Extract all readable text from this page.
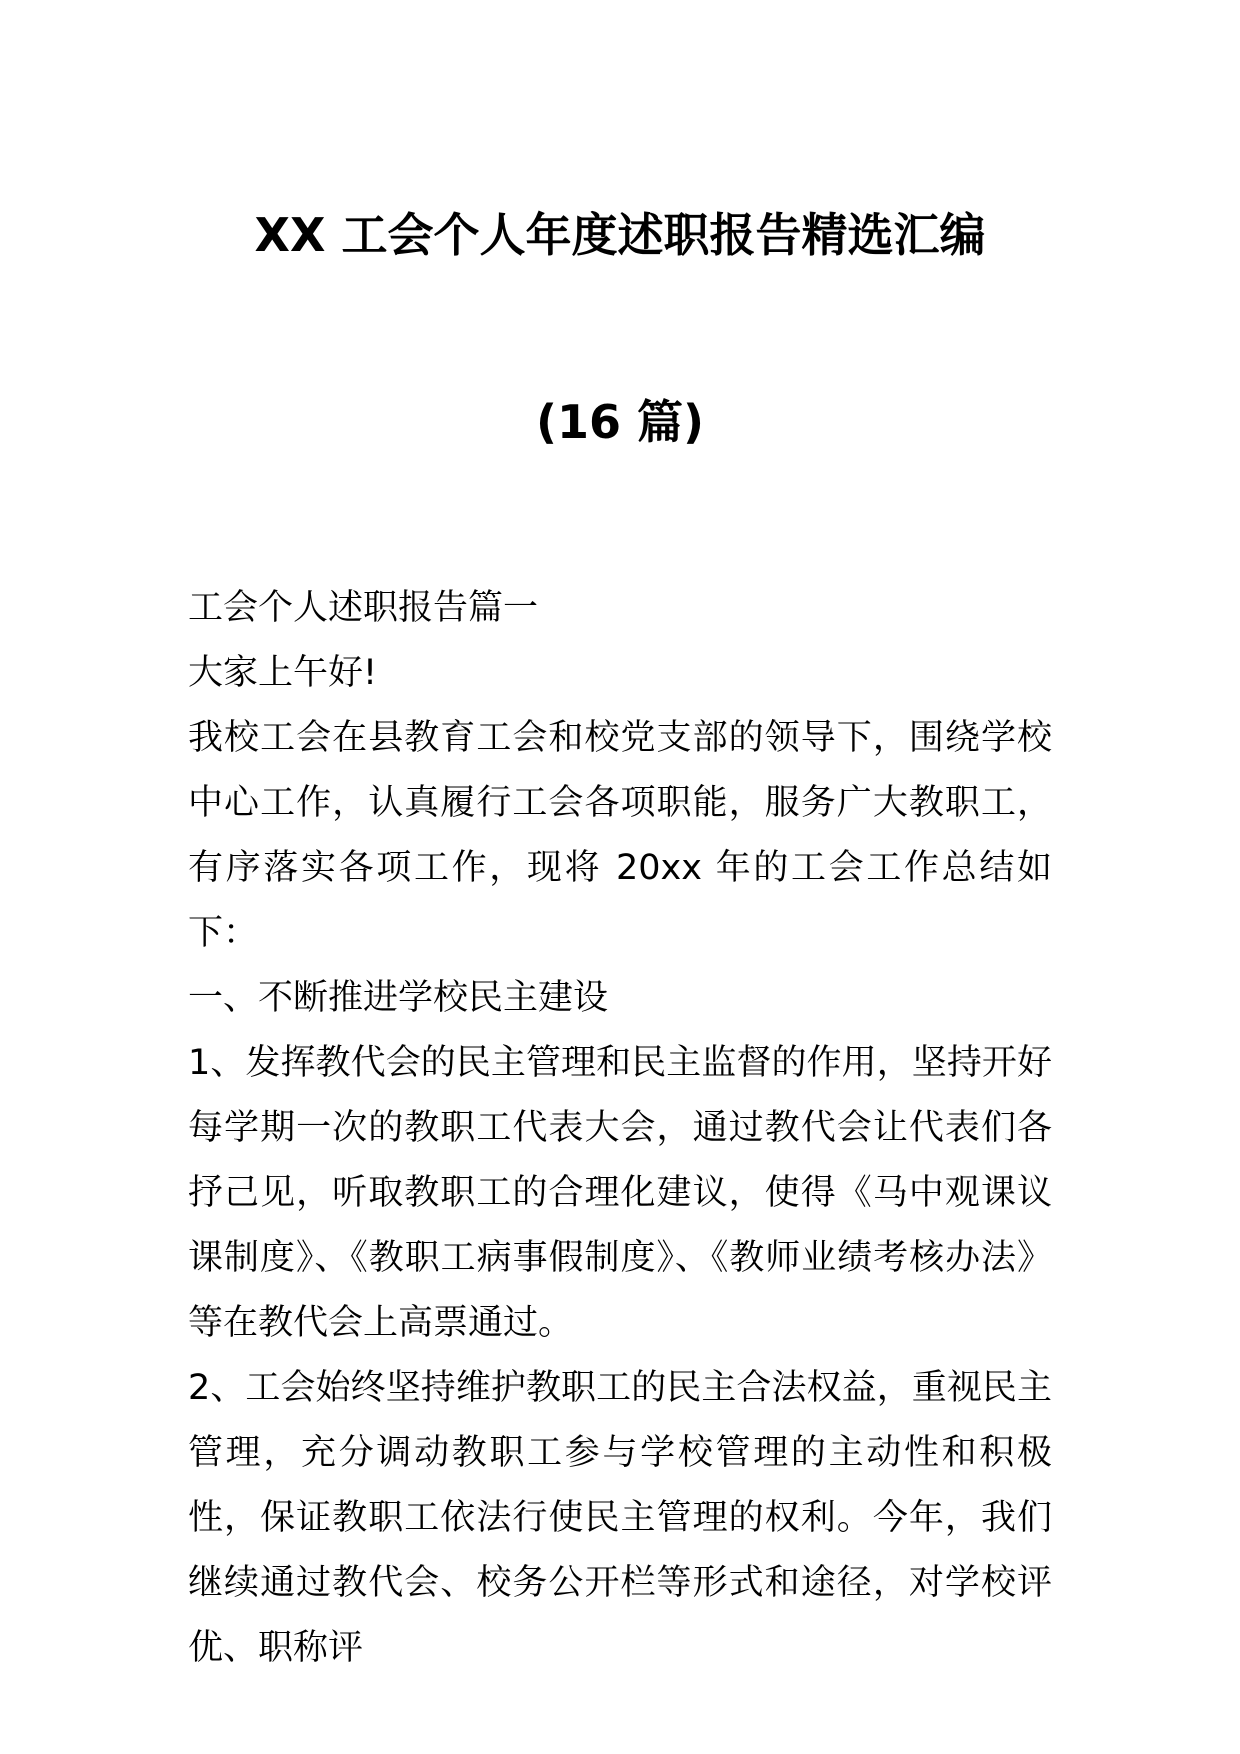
XX 工会个人年度述职报告精选汇编
(16 篇)

工会个人述职报告篇一

大家上午好!

我校工会在县教育工会和校党支部的领导下，围绕学校中心工作，认真履行工会各项职能，服务广大教职工，有序落实各项工作，现将 20xx 年的工会工作总结如下：

一、不断推进学校民主建设

1、发挥教代会的民主管理和民主监督的作用，坚持开好每学期一次的教职工代表大会，通过教代会让代表们各抒己见，听取教职工的合理化建议，使得《马中观课议课制度》、《教职工病事假制度》、《教师业绩考核办法》等在教代会上高票通过。

2、工会始终坚持维护教职工的民主合法权益，重视民主管理，充分调动教职工参与学校管理的主动性和积极性，保证教职工依法行使民主管理的权利。今年，我们继续通过教代会、校务公开栏等形式和途径，对学校评优、职称评
